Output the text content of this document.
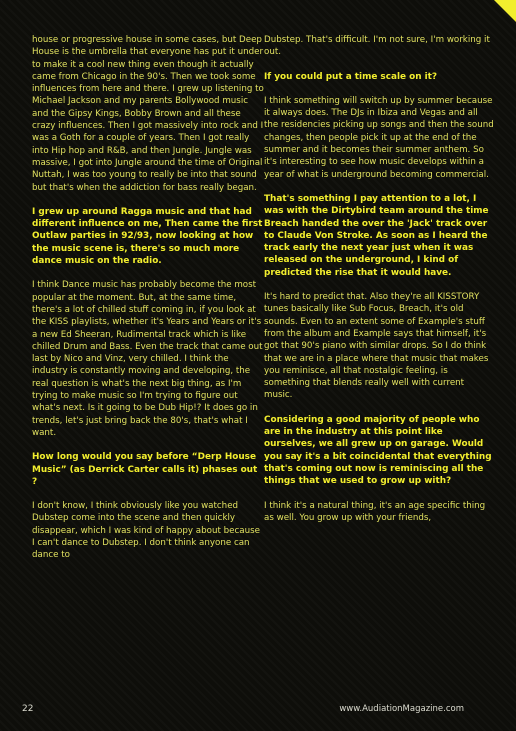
house or progressive house in some cases, but Deep House is the umbrella that everyone has put it under to make it a cool new thing even though it actually came from Chicago in the 90's. Then we took some influences from here and there. I grew up listening to Michael Jackson and my parents Bollywood music and the Gipsy Kings, Bobby Brown and all these crazy influences. Then I got massively into rock and I was a Goth for a couple of years. Then I got really into Hip hop and R&B, and then Jungle. Jungle was massive, I got into Jungle around the time of Original Nuttah, I was too young to really be into that sound but that's when the addiction for bass really began.

I grew up around Ragga music and that had different influence on me, Then came the first Outlaw parties in 92/93, now looking at how the music scene is, there's so much more dance music on the radio.

I think Dance music has probably become the most popular at the moment. But, at the same time, there's a lot of chilled stuff coming in, if you look at the KISS playlists, whether it's Years and Years or it's a new Ed Sheeran, Rudimental track which is like chilled Drum and Bass. Even the track that came out last by Nico and Vinz, very chilled. I think the industry is constantly moving and developing, the real question is what's the next big thing, as I'm trying to make music so I'm trying to figure out what's next. Is it going to be Dub Hip!? It does go in trends, let's just bring back the 80's, that's what I want.

How long would you say before “Derp House Music” (as Derrick Carter calls it) phases out ?

I don't know, I think obviously like you watched Dubstep come into the scene and then quickly disappear, which I was kind of happy about because I can't dance to Dubstep. I don't think anyone can dance to

Dubstep. That's difficult. I'm not sure, I'm working it out.

If you could put a time scale on it?

I think something will switch up by summer because it always does. The DJs in Ibiza and Vegas and all the residencies picking up songs and then the sound changes, then people pick it up at the end of the summer and it becomes their summer anthem. So it's interesting to see how music develops within a year of what is underground becoming commercial.

That's something I pay attention to a lot, I was with the Dirtybird team around the time Breach handed the over the 'Jack' track over to Claude Von Stroke. As soon as I heard the track early the next year just when it was released on the underground, I kind of predicted the rise that it would have.

It's hard to predict that. Also they're all KISSTORY tunes basically like Sub Focus, Breach, it's old sounds. Even to an extent some of Example's stuff from the album and Example says that himself, it's got that 90's piano with similar drops. So I do think that we are in a place where that music that makes you reminisce, all that nostalgic feeling, is something that blends really well with current music.

Considering a good majority of people who are in the industry at this point like ourselves, we all grew up on garage. Would you say it's a bit coincidental that everything that's coming out now is reminiscing all the things that we used to grow up with?

I think it's a natural thing, it's an age specific thing as well. You grow up with your friends,

22	www.AudiationMagazine.com
